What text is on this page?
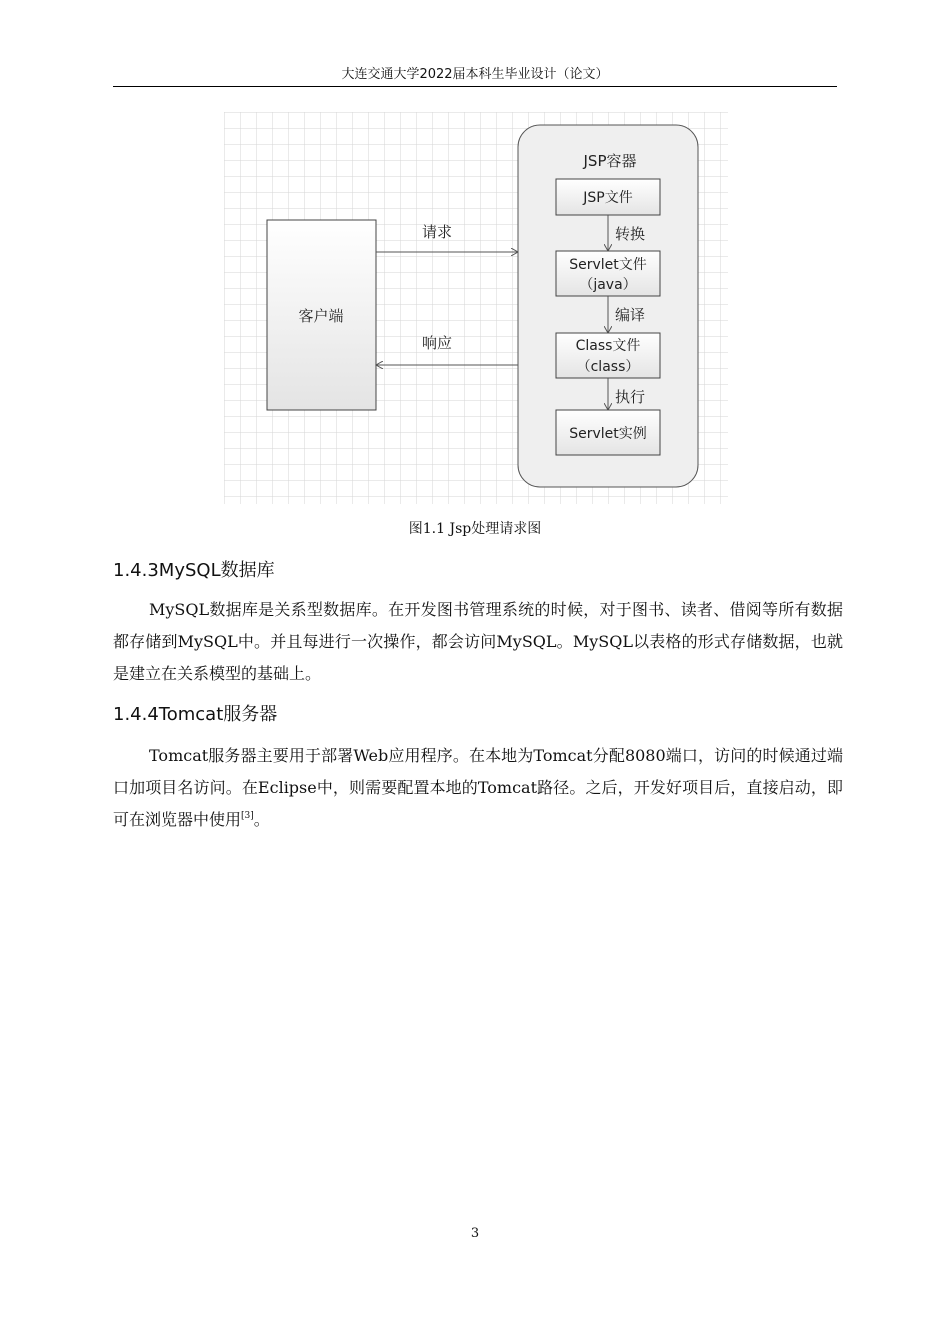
大连交通大学2022届本科生毕业设计（论文）
客户端
请求
响应
JSP容器
JSP文件
转换
Servlet文件
（java）
编译
Class文件
（class）
执行
Servlet实例
图1.1 Jsp处理请求图
1.4.3MySQL数据库

MySQL数据库是关系型数据库。在开发图书管理系统的时候，对于图书、读者、借阅等所有数据都存储到MySQL中。并且每进行一次操作，都会访问MySQL。MySQL以表格的形式存储数据，也就是建立在关系模型的基础上。

1.4.4Tomcat服务器

Tomcat服务器主要用于部署Web应用程序。在本地为Tomcat分配8080端口，访问的时候通过端口加项目名访问。在Eclipse中，则需要配置本地的Tomcat路径。之后，开发好项目后，直接启动，即可在浏览器中使用[3]。

3
